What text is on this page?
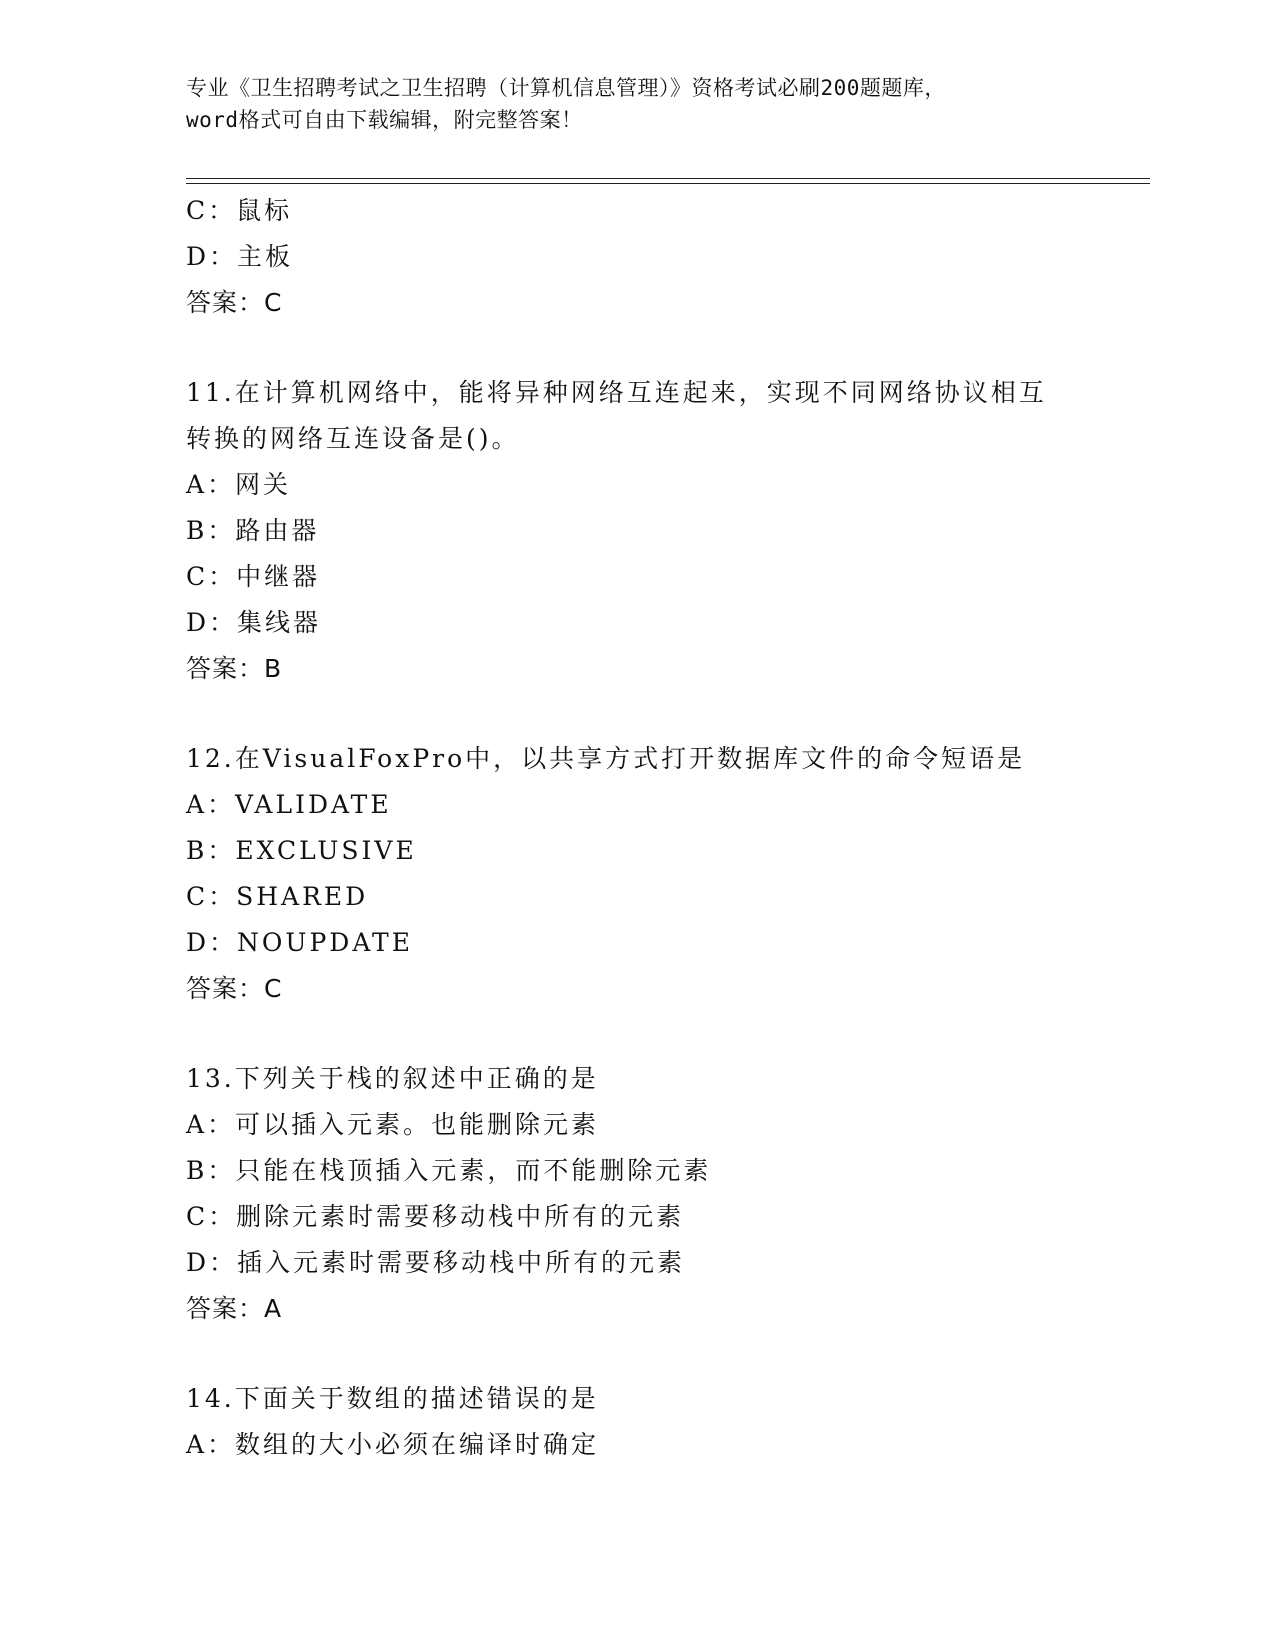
专业《卫生招聘考试之卫生招聘（计算机信息管理）》资格考试必刷200题题库，
word格式可自由下载编辑，附完整答案！
C：鼠标
D：主板
答案：C
11.在计算机网络中，能将异种网络互连起来，实现不同网络协议相互
转换的网络互连设备是()。
A：网关
B：路由器
C：中继器
D：集线器
答案：B
12.在VisualFoxPro中，以共享方式打开数据库文件的命令短语是
A：VALIDATE
B：EXCLUSIVE
C：SHARED
D：NOUPDATE
答案：C
13.下列关于栈的叙述中正确的是
A：可以插入元素。也能删除元素
B：只能在栈顶插入元素，而不能删除元素
C：删除元素时需要移动栈中所有的元素
D：插入元素时需要移动栈中所有的元素
答案：A
14.下面关于数组的描述错误的是
A：数组的大小必须在编译时确定
